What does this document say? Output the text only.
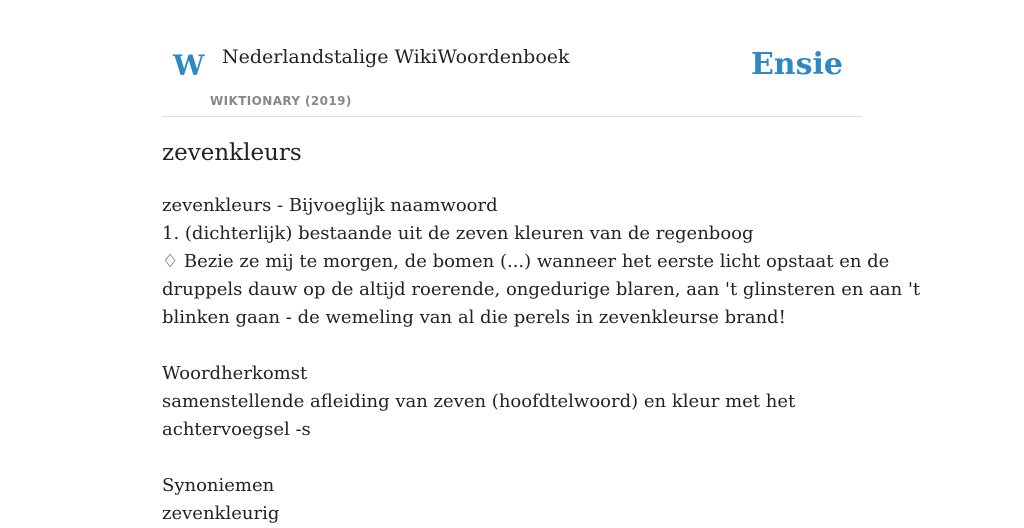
W Nederlandstalige WikiWoordenboek
WIKTIONARY (2019)
Ensie
zevenkleurs
zevenkleurs - Bijvoeglijk naamwoord
1. (dichterlijk) bestaande uit de zeven kleuren van de regenboog
♢ Bezie ze mij te morgen, de bomen (...) wanneer het eerste licht opstaat en de
druppels dauw op de altijd roerende, ongedurige blaren, aan 't glinsteren en aan 't
blinken gaan - de wemeling van al die perels in zevenkleurse brand!
Woordherkomst
samenstellende afleiding van zeven (hoofdtelwoord) en kleur met het
achtervoegsel -s
Synoniemen
zevenkleurig
